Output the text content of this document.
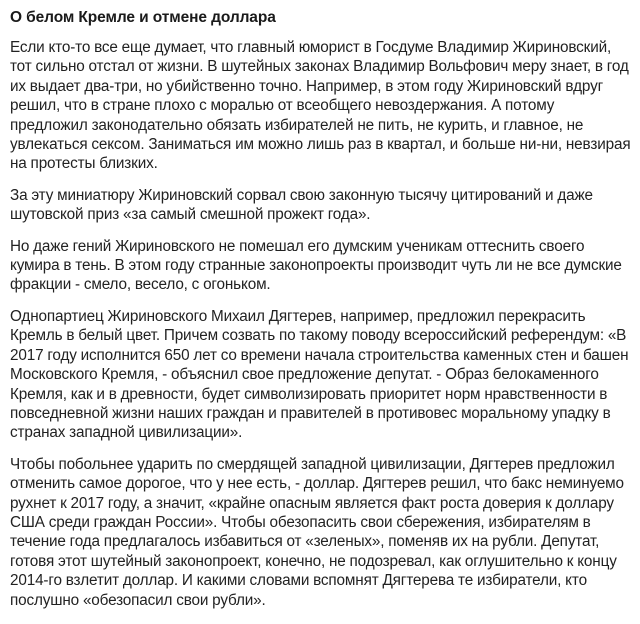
О белом Кремле и отмене доллара

Если кто-то все еще думает, что главный юморист в Госдуме Владимир Жириновский, тот сильно отстал от жизни. В шутейных законах Владимир Вольфович меру знает, в год их выдает два-три, но убийственно точно. Например, в этом году Жириновский вдруг решил, что в стране плохо с моралью от всеобщего невоздержания. А потому предложил законодательно обязать избирателей не пить, не курить, и главное, не увлекаться сексом. Заниматься им можно лишь раз в квартал, и больше ни-ни, невзирая на протесты близких.

За эту миниатюру Жириновский сорвал свою законную тысячу цитирований и даже шутовской приз «за самый смешной прожект года».

Но даже гений Жириновского не помешал его думским ученикам оттеснить своего кумира в тень. В этом году странные законопроекты производит чуть ли не все думские фракции - смело, весело, с огоньком.

Однопартиец Жириновского Михаил Дягтерев, например, предложил перекрасить Кремль в белый цвет. Причем созвать по такому поводу всероссийский референдум: «В 2017 году исполнится 650 лет со времени начала строительства каменных стен и башен Московского Кремля, - объяснил свое предложение депутат. - Образ белокаменного Кремля, как и в древности, будет символизировать приоритет норм нравственности в повседневной жизни наших граждан и правителей в противовес моральному упадку в странах западной цивилизации».

Чтобы побольнее ударить по смердящей западной цивилизации, Дягтерев предложил отменить самое дорогое, что у нее есть, - доллар. Дягтерев решил, что бакс неминуемо рухнет к 2017 году, а значит, «крайне опасным является факт роста доверия к доллару США среди граждан России». Чтобы обезопасить свои сбережения, избирателям в течение года предлагалось избавиться от «зеленых», поменяв их на рубли. Депутат, готовя этот шутейный законопроект, конечно, не подозревал, как оглушительно к концу 2014-го взлетит доллар. И какими словами вспомнят Дягтерева те избиратели, кто послушно «обезопасил свои рубли».
